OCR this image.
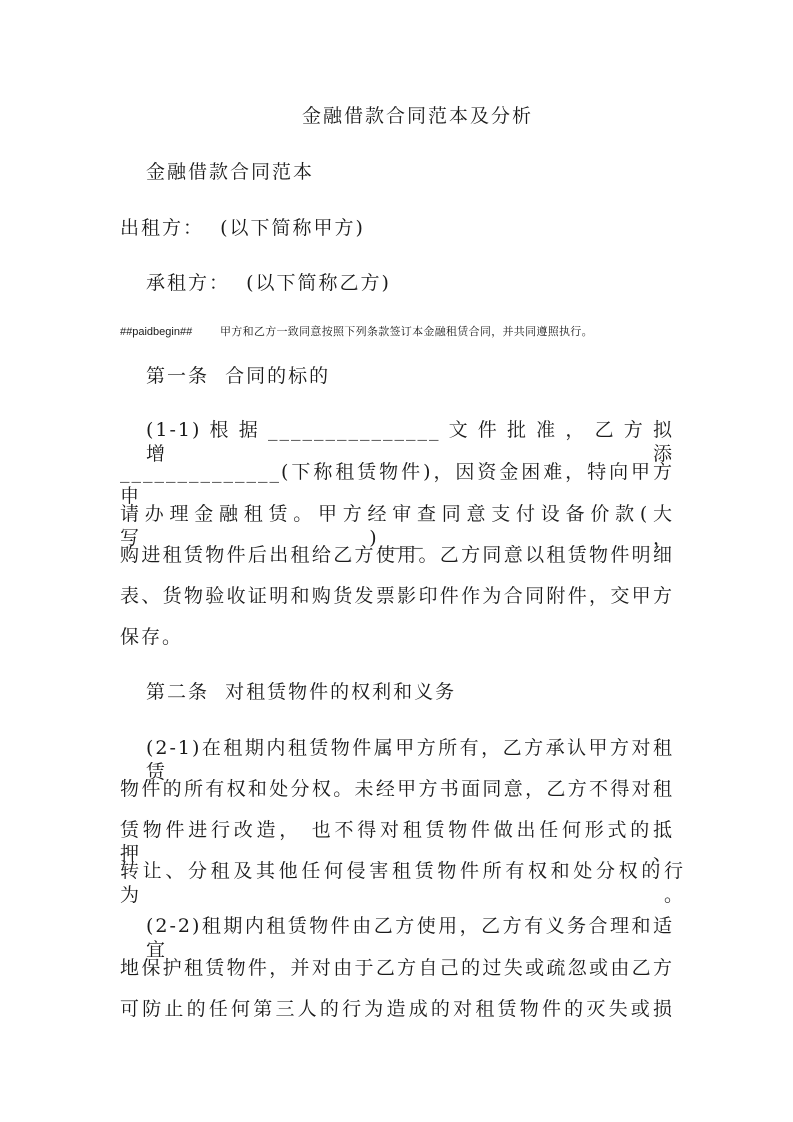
金融借款合同范本及分析
金融借款合同范本
出租方：  (以下简称甲方)
承租方：  (以下简称乙方)
##paidbegin##	甲方和乙方一致同意按照下列条款签订本金融租赁合同，并共同遵照执行。
第一条  合同的标的
(1-1) 根 据 _______________ 文 件 批 准 ， 乙 方 拟 增 添
______________(下称租赁物件)，因资金困难，特向甲方申
请办理金融租赁。甲方经审查同意支付设备价款(大写)____，
购进租赁物件后出租给乙方使用。乙方同意以租赁物件明细
表、货物验收证明和购货发票影印件作为合同附件，交甲方
保存。
第二条  对租赁物件的权利和义务
(2-1)在租期内租赁物件属甲方所有，乙方承认甲方对租赁
物件的所有权和处分权。未经甲方书面同意，乙方不得对租
赁物件进行改造， 也不得对租赁物件做出任何形式的抵押、
转让、分租及其他任何侵害租赁物件所有权和处分权的行为。
(2-2)租期内租赁物件由乙方使用，乙方有义务合理和适宜
地保护租赁物件，并对由于乙方自己的过失或疏忽或由乙方
可防止的任何第三人的行为造成的对租赁物件的灭失或损
